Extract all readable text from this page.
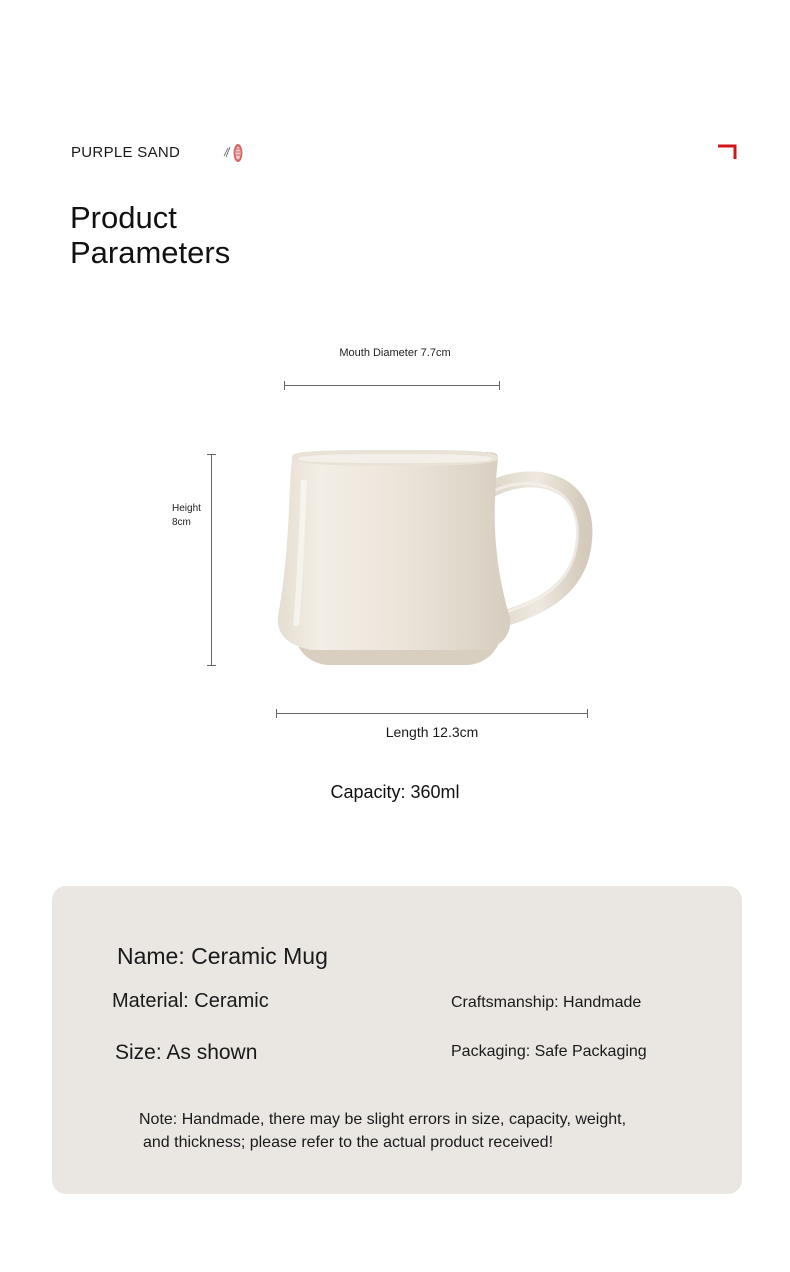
PURPLE SAND
Product
Parameters
Mouth Diameter 7.7cm
Height
8cm
Length 12.3cm
Capacity: 360ml
Name: Ceramic Mug
Material: Ceramic	Craftsmanship: Handmade
Size: As shown	Packaging: Safe Packaging
Note: Handmade, there may be slight errors in size, capacity, weight,
and thickness; please refer to the actual product received!
